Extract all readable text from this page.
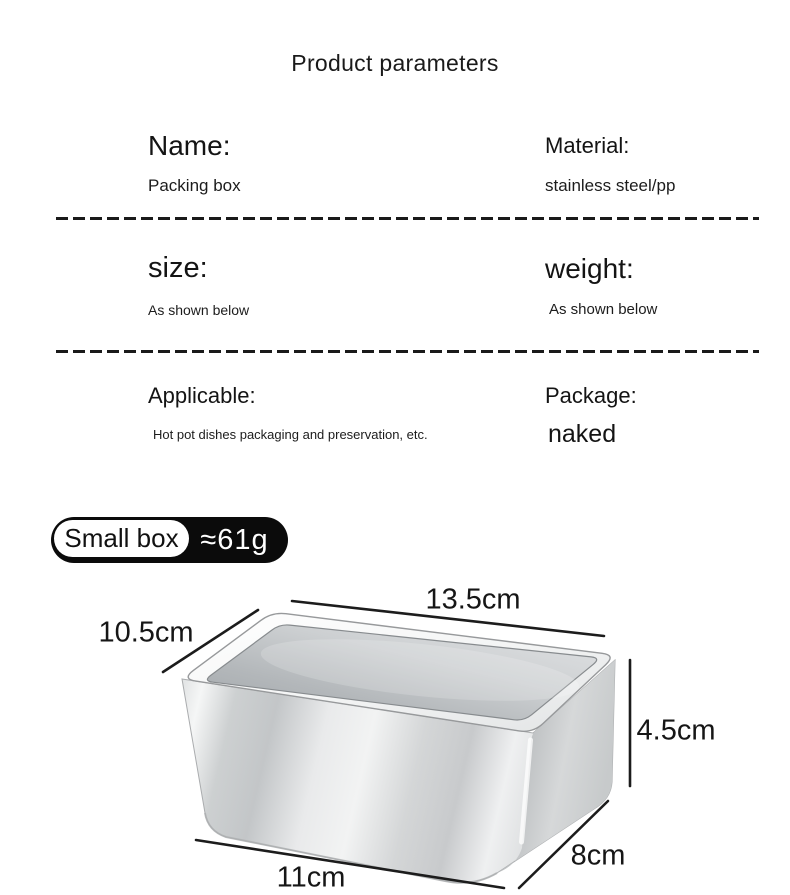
Product parameters
Name:
Packing box
Material:
stainless steel/pp
size:
As shown below
weight:
As shown below
Applicable:
Hot pot dishes packaging and preservation, etc.
Package:
naked
Small box ≈61g
13.5cm
10.5cm
4.5cm
8cm
11cm
